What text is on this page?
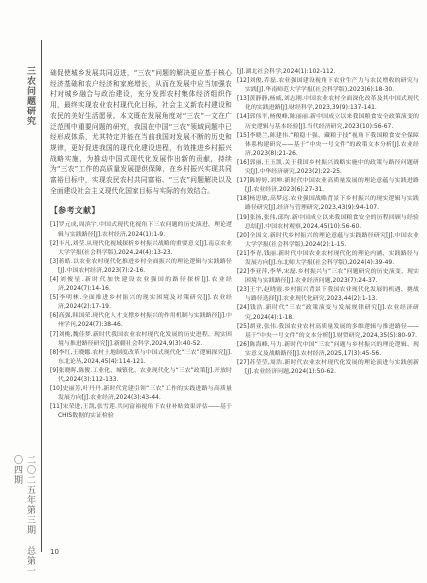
三农问题研究
二〇二五年第三期 总第一〇四期

础促使城乡发展共同迈进，“三农”问题的解决更应基于核心经济基础和农户经济和家庭增长，从而在发展中应当加强农村对城乡融合与政治建设，充分发挥农村集体经济组织作用，最终实现农业农村现代化目标，社会主义新农村建设和农民的美好生活愿景。本文既在发展角度对“三农”一文在广泛范围中重要问题的研究，我国在中国“三农”领域问题中已经形成体系，尤其特定并能在当前我国对发展不断的历史和规律，更好促进我国的现代化建设进程，有效推进乡村振兴战略实施，为推动中国式现代化发展作出新的贡献，持续为“三农”工作的高质量发展提供保障，在乡村振兴实现共同富裕目标中，实现农民农村共同富裕、“三农”问题解决以及全面建设社会主义现代化国家目标与实际的有效结合。

【参考文献】

[1]罗元成,周滨宇.中国式现代化视角下三农问题的历史演进、理论逻辑与实践路径[J].农村经济,2024(1):1-9.

[2]丰凡,刘莹.从现代化视域探析乡村振兴战略的重要意义[J].南京农业大学学报(社会科学版),2024,24(4):13-23.

[3]蒋皓.以农业农村现代化推进乡村全面振兴的理论逻辑与实践路径[J].中国农村经济,2023(7):2-16.

[4]刘俊星.新时代加快建设农业强国的路径探析[J].农业经济,2024(7):14-16.

[5]李明林.全面推进乡村振兴的现实困境及对策研究[J].农业经济,2024(2):17-19.

[6]高强,韩国荣.现代化人才支撑乡村振兴的作用机制与实践路径[J].中州学刊,2024(7):38-46.

[7]刘桃,魏佳梦.新时代我国农业农村现代化发展的历史进程、现实困境与推进路径研究[J].新疆社会科学,2024,9(3):40-52.

[8]李红,王晓娜.农村土地制度改革与中国式现代化“三农”逻辑探究[J].东北论丛,2024,45(4):114-121.

[9]张晓晖,陈俊.工业化、城镇化、农业现代化与“三农”政策[J].开放时代,2024(3):112-133.

[10]史丽芳,叶丹丹.新时代党建引领“三农”工作的实践进路与高质量发展方向[J].农业经济,2024(3):43-44.

[11]宋荣进,王凯,张雪莲.共同富裕视角下农业补贴效果评估——基于CHIS数据的实证检验

[J].湖北社会科学,2024(1):102-112.

[12]刘俊,乔磊.农业强国建设视角下农业生产力与农民增收的研究与实践[J].华南师范大学学报(社会科学版),2023(6):18-30.

[13]黄静静,杨威,刘志刚.中国农业农村全面深化改革及其中国式现代化的实践进路[J].财经科学,2023,39(9):137-141.

[14]郭伟平,杨俊峰,陈丽丽.新中国成立以来我国粮食安全政策演变的历史逻辑与基本经验[J].当代经济研究,2023(10):56-67.

[15]李晓兰,陈建伟.“粮稳十强、藏粮于技”视角下我国粮食安全保障体系构建研究——基于“中央一号文件”的政策文本分析[J].农业经济,2023(8):21-26.

[16]郭丽,王玉凯.关于我国乡村振兴战略实施中的政策与路径问题研究[J].中华经济研究,2023(2):22-25.

[17]陈婷婷,刘坤.新时代中国农业高质量发展的理论意蕴与实践进路[J].农业经济,2023(6):27-31.

[18]杨思敏,高梦远.农业强国战略背景下乡村振兴的现实逻辑与实践路径研究[J].经济与管理研究,2023,43(9):94-107.

[19]张扬,张伟,邱均.新中国成立以来我国粮食安全的历程回顾与经验总结[J].中国农村观察,2024,45(10):56-60.

[20]全国文.新时代乡村振兴的理论意蕴与实践路径研究[J].中国农业大学学报(社会科学版),2024(2):1-15.

[21]李青,钱丽.新时代中国农业农村现代化的理论内涵、实践路径与发展方向[J].东北师大学报(社会科学版),2024(4):39-49.

[22]李亚萍,李华,宋磊.乡村振兴与“三农”问题研究的历史演变、现实困境与实践路径[J].农业经济问题,2023(7):24-37.

[23]王宇,赵晓霞.乡村振兴背景下我国农业现代化发展的机遇、挑战与路径选择[J].农业现代化研究,2023,44(2):1-13.

[24]钱浩.新时代“三农”政策演变与发展规律研究[J].农业经济研究,2024(4):1-18.

[25]胡亚,张伟.我国农业农村高质量发展的多维逻辑与推进路径——基于“中央一号文件”的文本分析[J].财贸研究,2024,35(5):80-97.

[26]陈海峰,马力.新时代中国“三农”问题与乡村振兴的理论逻辑、现实意义及战略路径[J].农村经济,2025,17(3):45-56.

[27]苏莹莹,周浩.新时代农业农村现代化发展的理论演进与实践创新[J].农业经济问题,2024(1):50-62.

10
